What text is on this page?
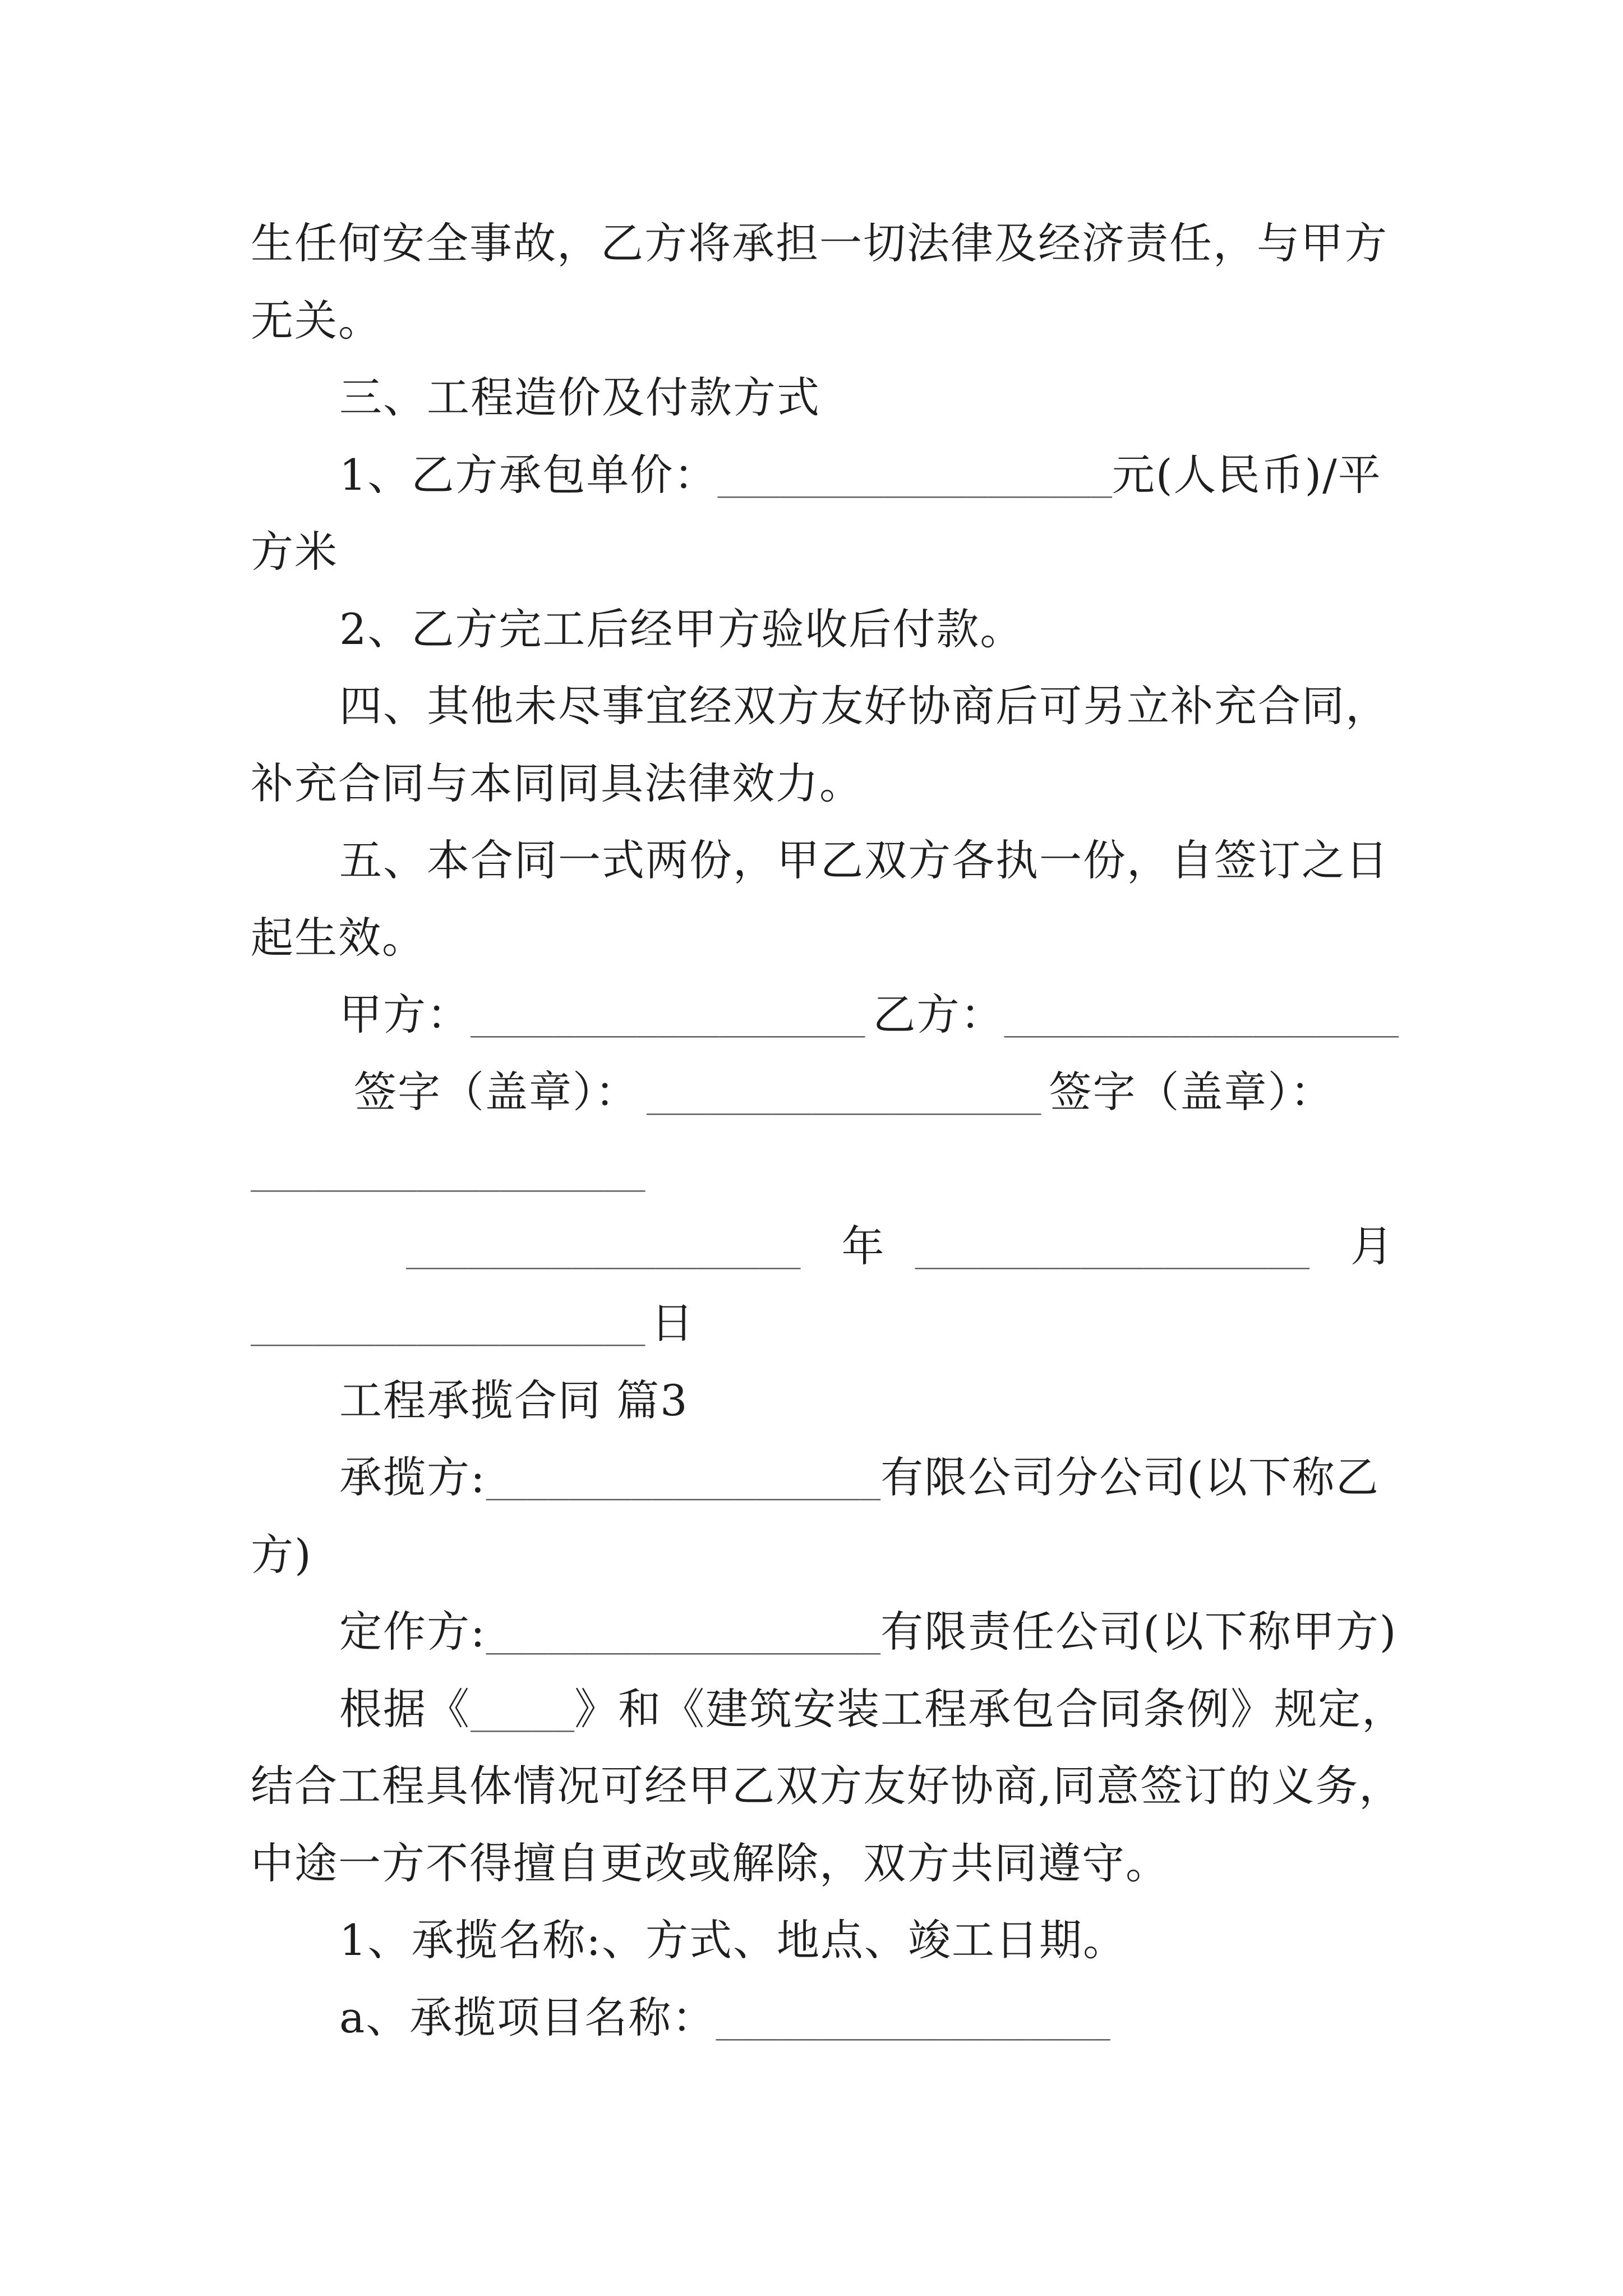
生任何安全事故，乙方将承担一切法律及经济责任，与甲方
无关。
三、工程造价及付款方式
1、乙方承包单价：___________________元(人民币)/平
方米
2、乙方完工后经甲方验收后付款。
四、其他未尽事宜经双方友好协商后可另立补充合同，
补充合同与本同同具法律效力。
五、本合同一式两份，甲乙双方各执一份，自签订之日
起生效。
甲方：___________________ 乙方：___________________
签字（盖章）： ___________________ 签字（盖章）：
___________________
___________________ 年 ___________________ 月
___________________ 日
工程承揽合同 篇3
承揽方:___________________有限公司分公司(以下称乙
方)
定作方:___________________有限责任公司(以下称甲方)
根据《_____》和《建筑安装工程承包合同条例》规定，
结合工程具体情况可经甲乙双方友好协商,同意签订的义务，
中途一方不得擅自更改或解除，双方共同遵守。
1、承揽名称:、方式、地点、竣工日期。
a、承揽项目名称：___________________
